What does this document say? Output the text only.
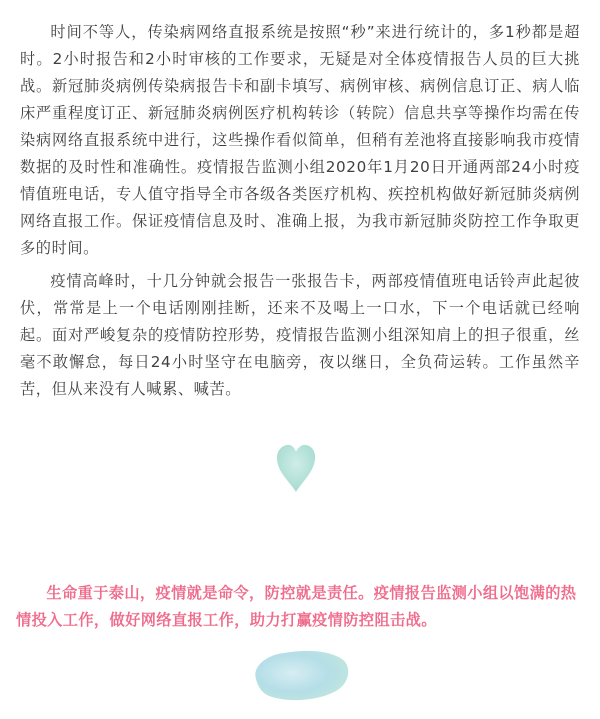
时间不等人，传染病网络直报系统是按照“秒”来进行统计的，多1秒都是超时。2小时报告和2小时审核的工作要求，无疑是对全体疫情报告人员的巨大挑战。新冠肺炎病例传染病报告卡和副卡填写、病例审核、病例信息订正、病人临床严重程度订正、新冠肺炎病例医疗机构转诊（转院）信息共享等操作均需在传染病网络直报系统中进行，这些操作看似简单，但稍有差池将直接影响我市疫情数据的及时性和准确性。疫情报告监测小组2020年1月20日开通两部24小时疫情值班电话，专人值守指导全市各级各类医疗机构、疾控机构做好新冠肺炎病例网络直报工作。保证疫情信息及时、准确上报，为我市新冠肺炎防控工作争取更多的时间。

疫情高峰时，十几分钟就会报告一张报告卡，两部疫情值班电话铃声此起彼伏，常常是上一个电话刚刚挂断，还来不及喝上一口水，下一个电话就已经响起。面对严峻复杂的疫情防控形势，疫情报告监测小组深知肩上的担子很重，丝毫不敢懈怠，每日24小时坚守在电脑旁，夜以继日，全负荷运转。工作虽然辛苦，但从来没有人喊累、喊苦。

生命重于泰山，疫情就是命令，防控就是责任。疫情报告监测小组以饱满的热情投入工作，做好网络直报工作，助力打赢疫情防控阻击战。
